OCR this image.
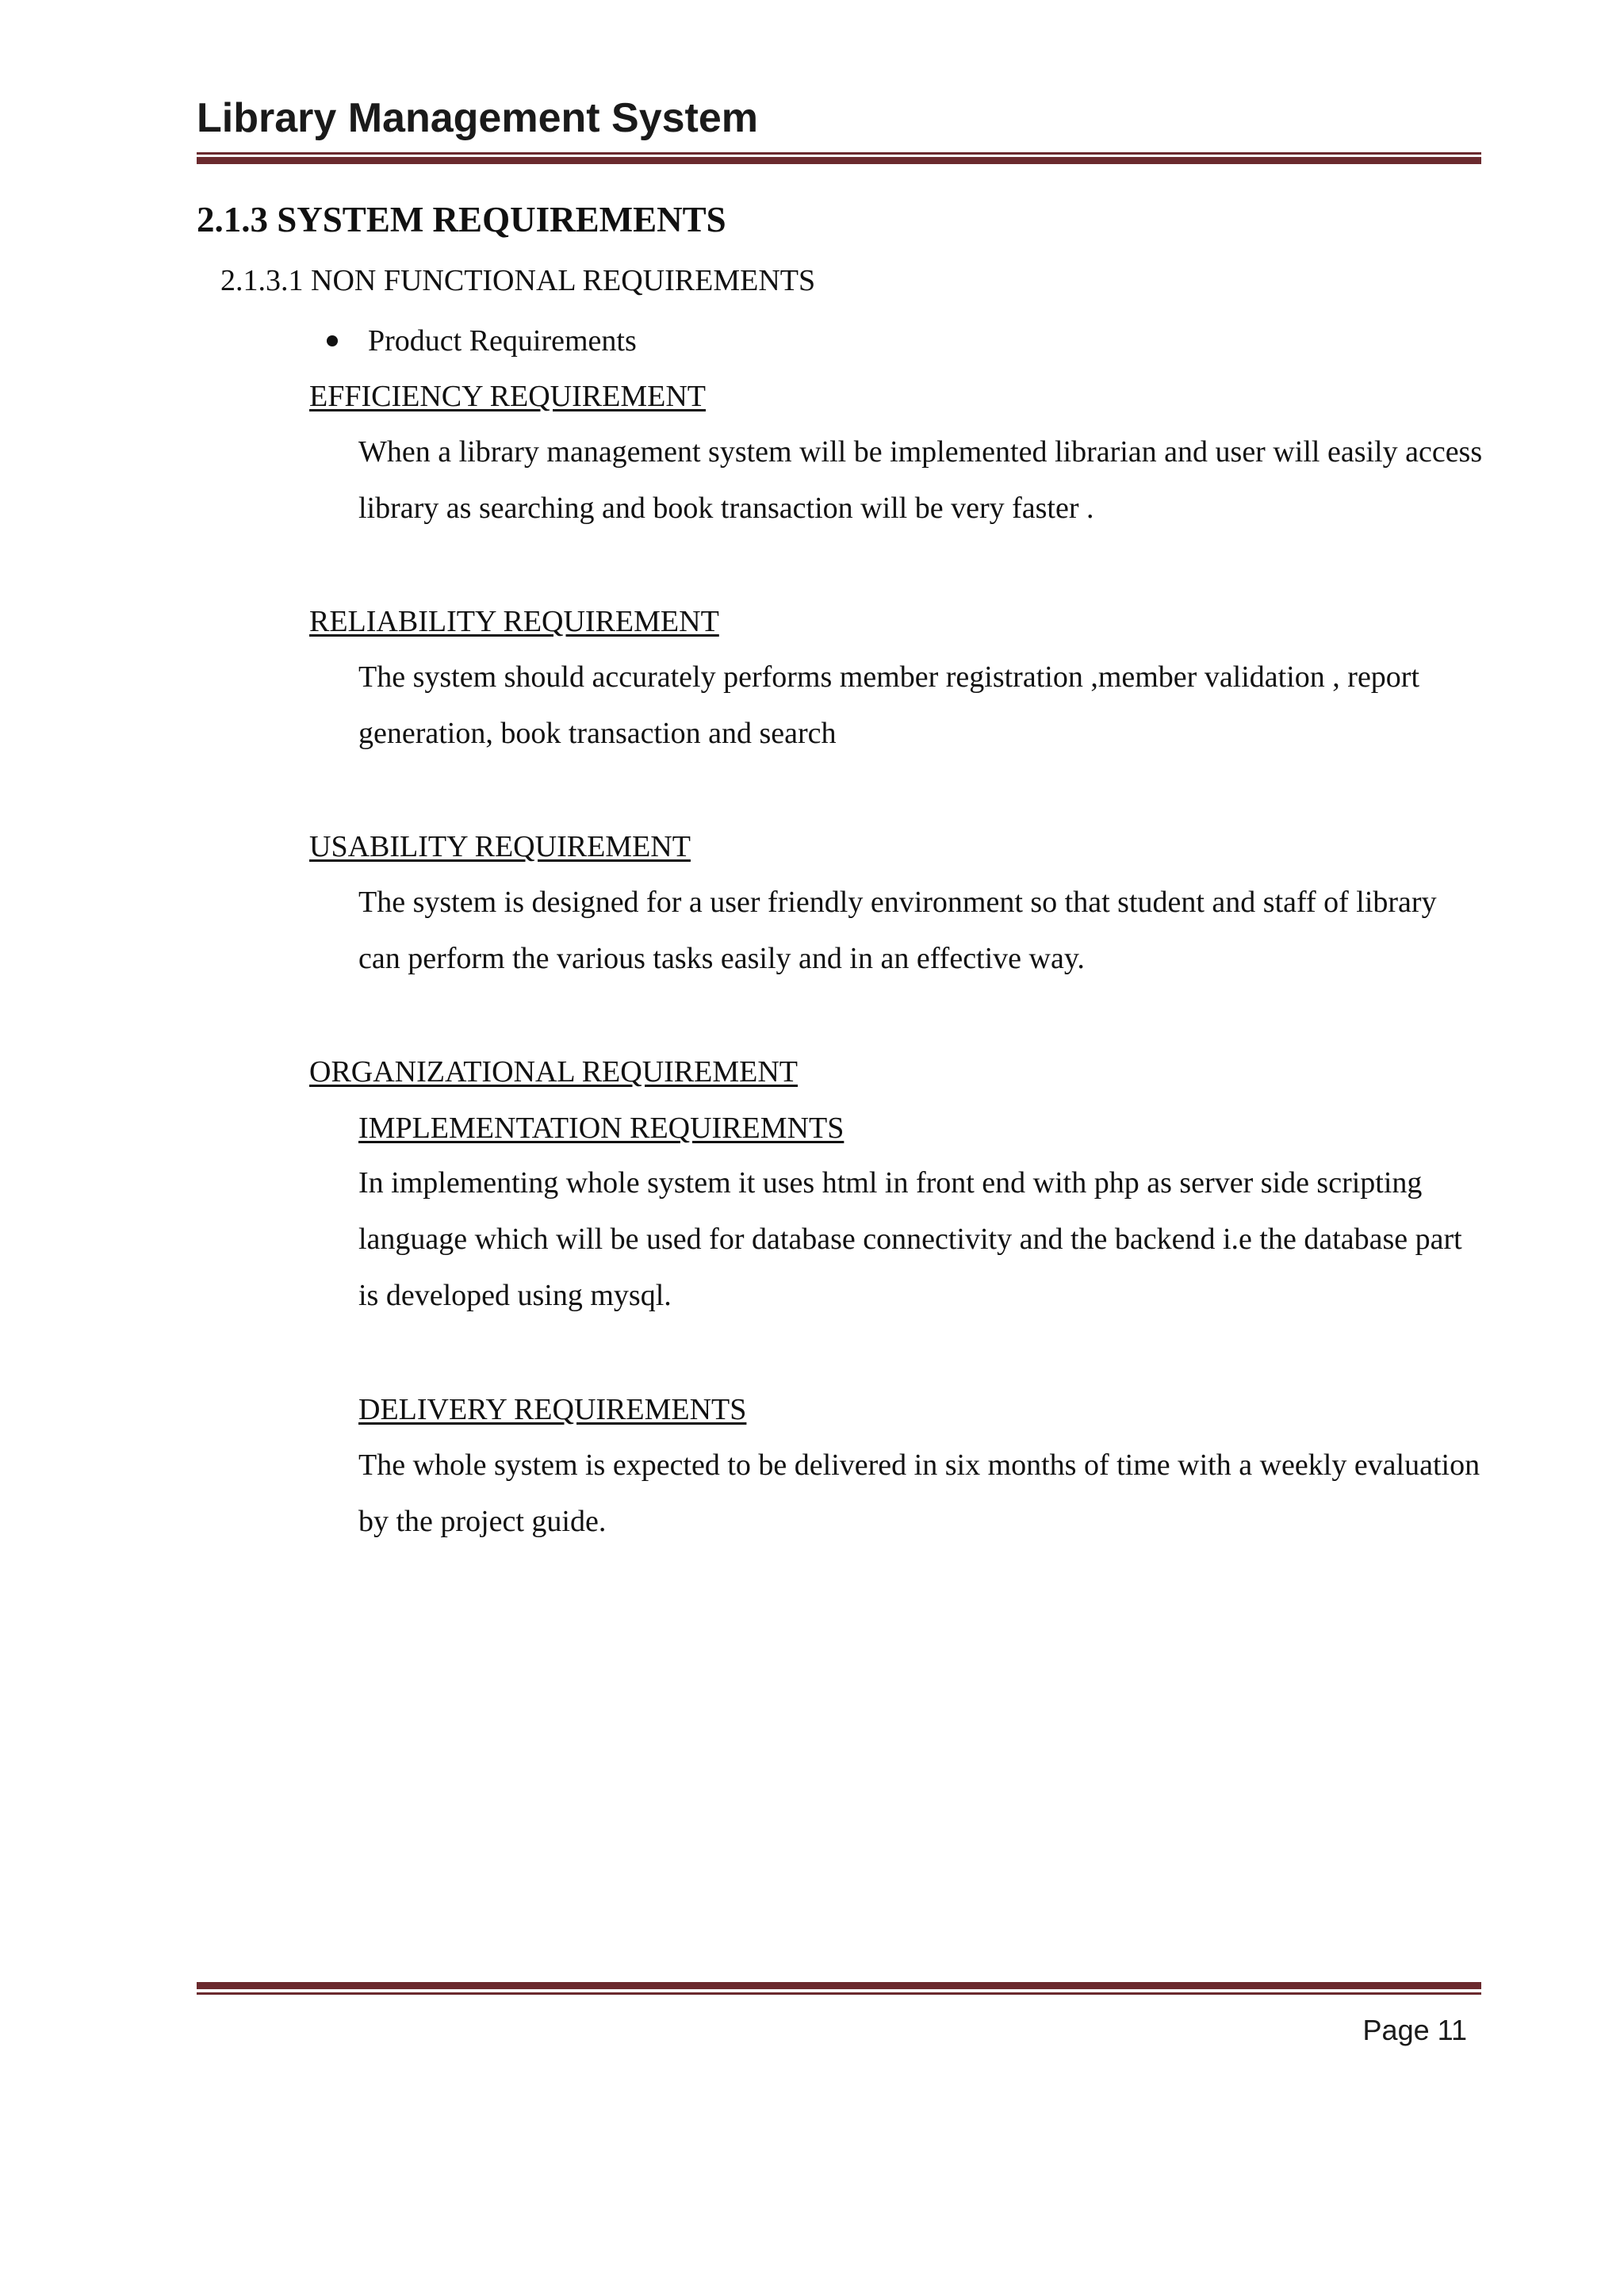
Library Management System
2.1.3 SYSTEM REQUIREMENTS
2.1.3.1 NON FUNCTIONAL REQUIREMENTS
Product Requirements
EFFICIENCY REQUIREMENT

When a library management system will be implemented librarian and user will easily access library as searching and book transaction will be very faster .

RELIABILITY REQUIREMENT

The system should accurately performs member registration ,member validation , report generation, book transaction and search

USABILITY REQUIREMENT

The system is designed for a user friendly environment so that student and staff of library can perform the various tasks easily and in an effective way.

ORGANIZATIONAL REQUIREMENT
IMPLEMENTATION REQUIREMNTS

In implementing whole system it uses html in front end with php as server side scripting language which will be used for database connectivity and the backend i.e the database part is developed using mysql.

DELIVERY REQUIREMENTS

The whole system is expected to be delivered in six months of time with a weekly evaluation by the project guide.

Page 11
